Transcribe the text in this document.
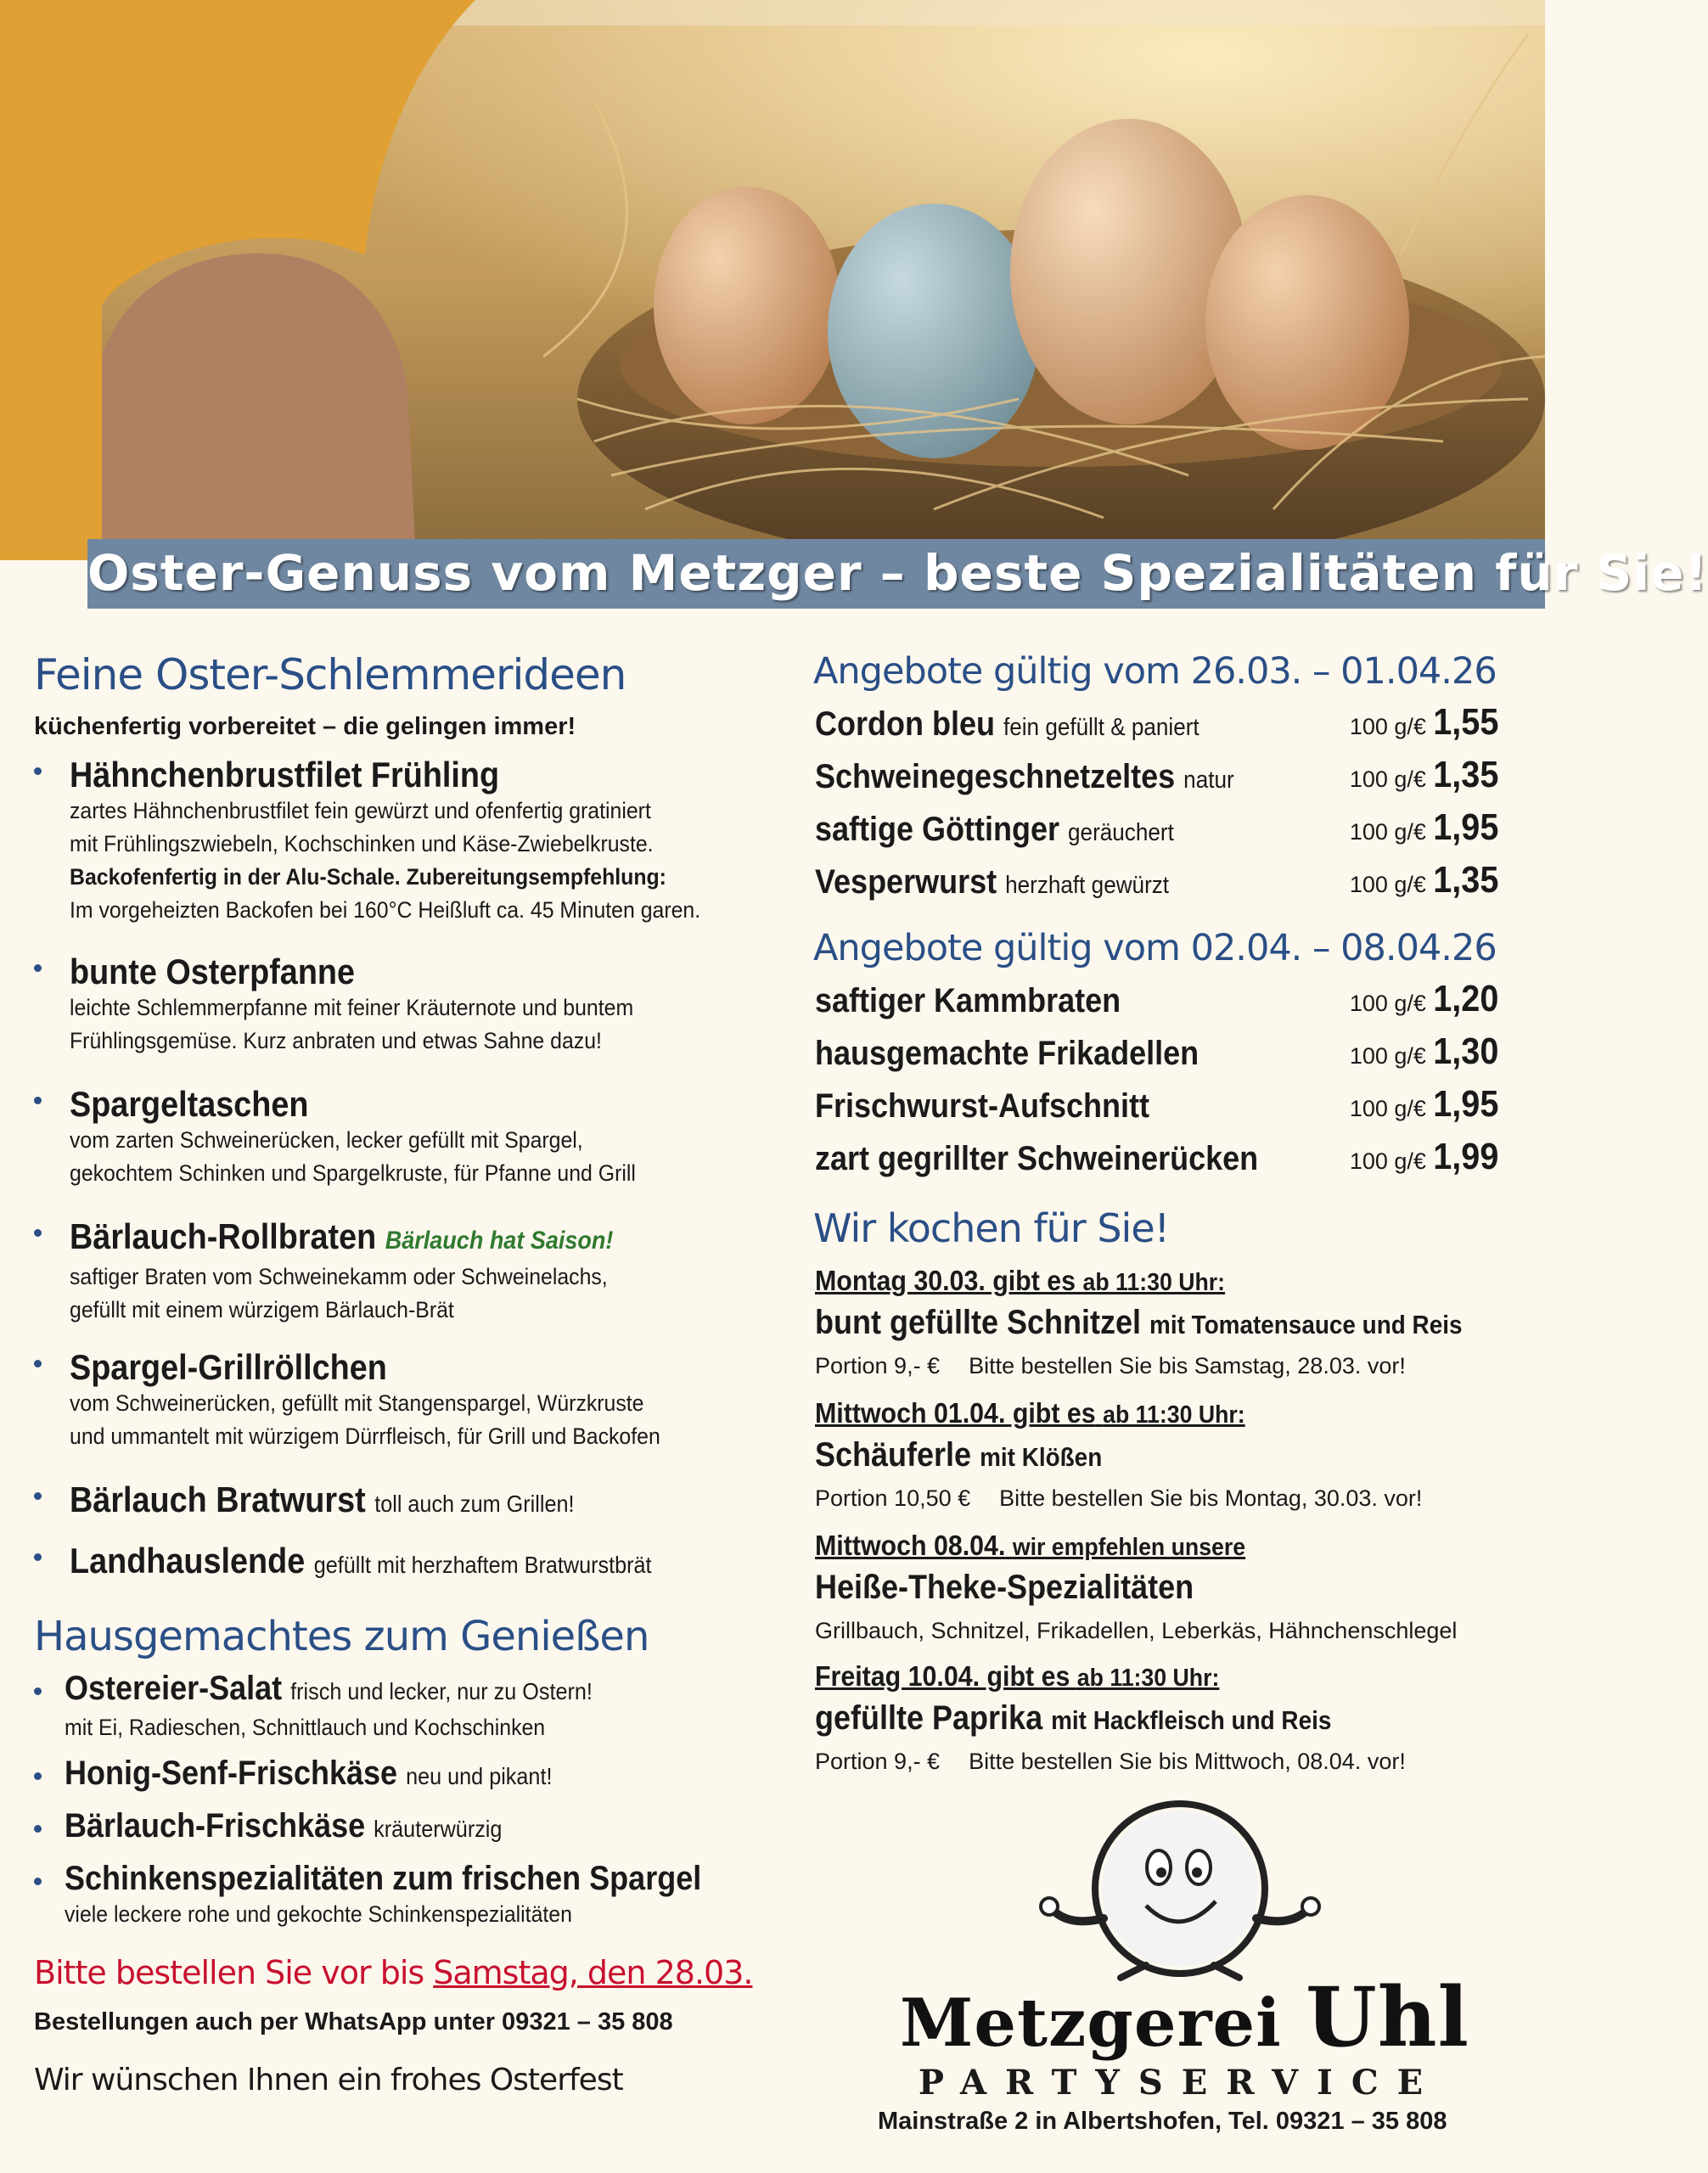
Oster-Genuss vom Metzger – beste Spezialitäten für Sie!
Feine Oster-Schlemmerideen
küchenfertig vorbereitet – die gelingen immer!
Hähnchenbrustfilet Frühling
zartes Hähnchenbrustfilet fein gewürzt und ofenfertig gratiniert
mit Frühlingszwiebeln, Kochschinken und Käse-Zwiebelkruste.
Backofenfertig in der Alu-Schale. Zubereitungsempfehlung:
Im vorgeheizten Backofen bei 160°C Heißluft ca. 45 Minuten garen.
bunte Osterpfanne
leichte Schlemmerpfanne mit feiner Kräuternote und buntem
Frühlingsgemüse. Kurz anbraten und etwas Sahne dazu!
Spargeltaschen
vom zarten Schweinerücken, lecker gefüllt mit Spargel,
gekochtem Schinken und Spargelkruste, für Pfanne und Grill
Bärlauch-Rollbraten Bärlauch hat Saison!
saftiger Braten vom Schweinekamm oder Schweinelachs,
gefüllt mit einem würzigem Bärlauch-Brät
Spargel-Grillröllchen
vom Schweinerücken, gefüllt mit Stangenspargel, Würzkruste
und ummantelt mit würzigem Dürrfleisch, für Grill und Backofen
Bärlauch Bratwurst toll auch zum Grillen!
Landhauslende gefüllt mit herzhaftem Bratwurstbrät
Hausgemachtes zum Genießen
Ostereier-Salat frisch und lecker, nur zu Ostern!
mit Ei, Radieschen, Schnittlauch und Kochschinken
Honig-Senf-Frischkäse neu und pikant!
Bärlauch-Frischkäse kräuterwürzig
Schinkenspezialitäten zum frischen Spargel
viele leckere rohe und gekochte Schinkenspezialitäten
Bitte bestellen Sie vor bis Samstag, den 28.03.
Bestellungen auch per WhatsApp unter 09321 – 35 808
Wir wünschen Ihnen ein frohes Osterfest
Angebote gültig vom 26.03. – 01.04.26
Cordon bleu fein gefüllt & paniert	100 g/€ 1,55
Schweinegeschnetzeltes natur	100 g/€ 1,35
saftige Göttinger geräuchert	100 g/€ 1,95
Vesperwurst herzhaft gewürzt	100 g/€ 1,35
Angebote gültig vom 02.04. – 08.04.26
saftiger Kammbraten	100 g/€ 1,20
hausgemachte Frikadellen	100 g/€ 1,30
Frischwurst-Aufschnitt	100 g/€ 1,95
zart gegrillter Schweinerücken	100 g/€ 1,99
Wir kochen für Sie!
Montag 30.03. gibt es ab 11:30 Uhr:
bunt gefüllte Schnitzel mit Tomatensauce und Reis
Portion 9,- € Bitte bestellen Sie bis Samstag, 28.03. vor!
Mittwoch 01.04. gibt es ab 11:30 Uhr:
Schäuferle mit Klößen
Portion 10,50 € Bitte bestellen Sie bis Montag, 30.03. vor!
Mittwoch 08.04. wir empfehlen unsere
Heiße-Theke-Spezialitäten
Grillbauch, Schnitzel, Frikadellen, Leberkäs, Hähnchenschlegel
Freitag 10.04. gibt es ab 11:30 Uhr:
gefüllte Paprika mit Hackfleisch und Reis
Portion 9,- € Bitte bestellen Sie bis Mittwoch, 08.04. vor!
Metzgerei Uhl
PARTYSERVICE
Mainstraße 2 in Albertshofen, Tel. 09321 – 35 808
